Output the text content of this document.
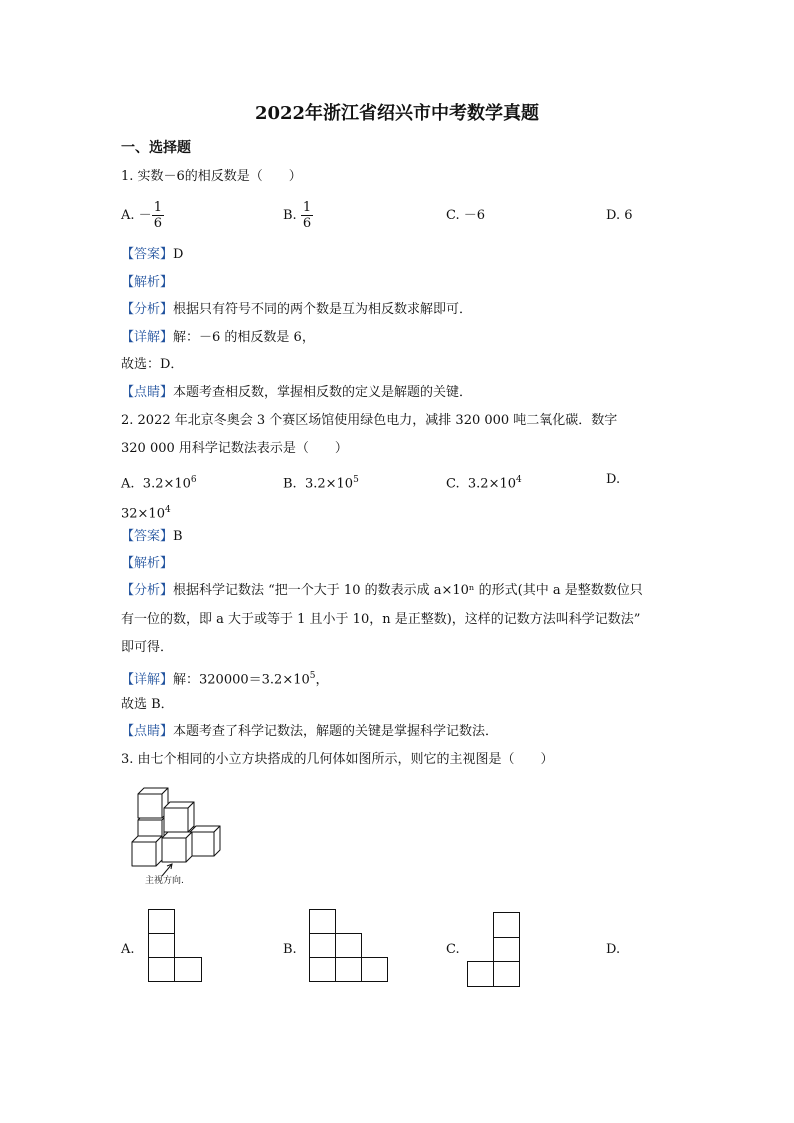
2022年浙江省绍兴市中考数学真题
一、选择题
1. 实数－6的相反数是（　　）
A. － $\frac{1}{6}$	B. $\frac{1}{6}$	C. －6	D. 6
【答案】D
【解析】
【分析】根据只有符号不同的两个数是互为相反数求解即可．
【详解】解：－6 的相反数是 6，
故选：D．
【点睛】本题考查相反数，掌握相反数的定义是解题的关键．
2. 2022 年北京冬奥会 3 个赛区场馆使用绿色电力，减排 320 000 吨二氧化碳．数字
320 000 用科学记数法表示是（　　）
A. $3.2\times 10^6$	B. $3.2\times 10^5$	C. $3.2\times 10^4$	D.
$32\times 10^4$
【答案】B
【解析】
【分析】根据科学记数法 “把一个大于 10 的数表示成 a×10ⁿ 的形式(其中 a 是整数数位只
有一位的数，即 a 大于或等于 1 且小于 10，n 是正整数)，这样的记数方法叫科学记数法”
即可得．
【详解】解：$320000=3.2\times 10^5$，
故选 B．
【点睛】本题考查了科学记数法，解题的关键是掌握科学记数法．
3. 由七个相同的小立方块搭成的几何体如图所示，则它的主视图是（　　）
主视方向.
A.	B.	C.	D.
